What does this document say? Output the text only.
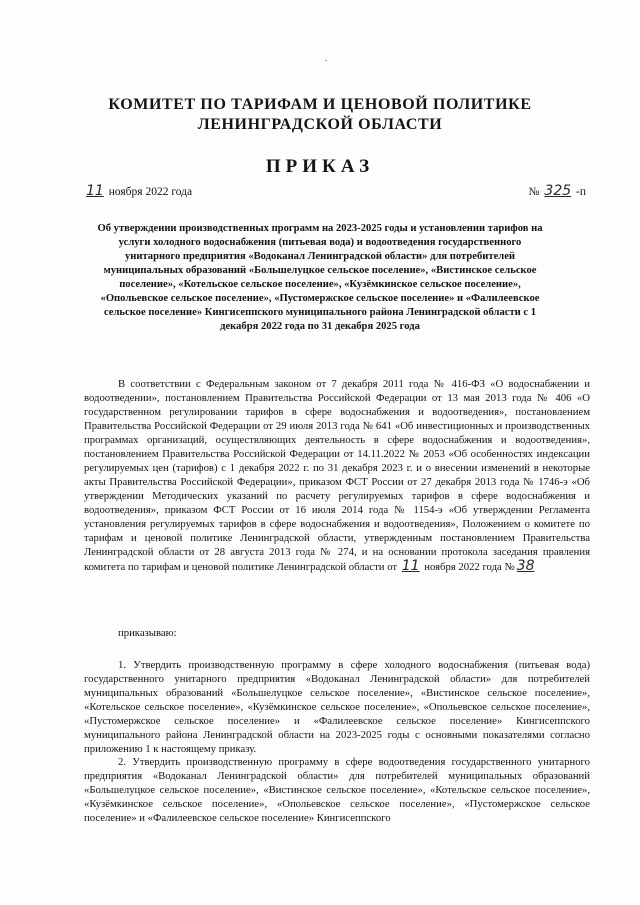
КОМИТЕТ ПО ТАРИФАМ И ЦЕНОВОЙ ПОЛИТИКЕ
ЛЕНИНГРАДСКОЙ ОБЛАСТИ
ПРИКАЗ
11 ноября 2022 года	№ 325 -п
Об утверждении производственных программ на 2023-2025 годы и установлении тарифов на услуги холодного водоснабжения (питьевая вода) и водоотведения государственного унитарного предприятия «Водоканал Ленинградской области» для потребителей муниципальных образований «Большелуцкое сельское поселение», «Вистинское сельское поселение», «Котельское сельское поселение», «Кузёмкинское сельское поселение», «Опольевское сельское поселение», «Пустомержское сельское поселение» и «Фалилеевское сельское поселение» Кингисеппского муниципального района Ленинградской области с 1 декабря 2022 года по 31 декабря 2025 года
В соответствии с Федеральным законом от 7 декабря 2011 года № 416-ФЗ «О водоснабжении и водоотведении», постановлением Правительства Российской Федерации от 13 мая 2013 года № 406 «О государственном регулировании тарифов в сфере водоснабжения и водоотведения», постановлением Правительства Российской Федерации от 29 июля 2013 года № 641 «Об инвестиционных и производственных программах организаций, осуществляющих деятельность в сфере водоснабжения и водоотведения», постановлением Правительства Российской Федерации от 14.11.2022 № 2053 «Об особенностях индексации регулируемых цен (тарифов) с 1 декабря 2022 г. по 31 декабря 2023 г. и о внесении изменений в некоторые акты Правительства Российской Федерации», приказом ФСТ России от 27 декабря 2013 года № 1746-э «Об утверждении Методических указаний по расчету регулируемых тарифов в сфере водоснабжения и водоотведения», приказом ФСТ России от 16 июля 2014 года № 1154-э «Об утверждении Регламента установления регулируемых тарифов в сфере водоснабжения и водоотведения», Положением о комитете по тарифам и ценовой политике Ленинградской области, утвержденным постановлением Правительства Ленинградской области от 28 августа 2013 года № 274, и на основании протокола заседания правления комитета по тарифам и ценовой политике Ленинградской области от 11 ноября 2022 года № 38
приказываю:
1. Утвердить производственную программу в сфере холодного водоснабжения (питьевая вода) государственного унитарного предприятия «Водоканал Ленинградской области» для потребителей муниципальных образований «Большелуцкое сельское поселение», «Вистинское сельское поселение», «Котельское сельское поселение», «Кузёмкинское сельское поселение», «Опольевское сельское поселение», «Пустомержское сельское поселение» и «Фалилеевское сельское поселение» Кингисеппского муниципального района Ленинградской области на 2023-2025 годы с основными показателями согласно приложению 1 к настоящему приказу.
2. Утвердить производственную программу в сфере водоотведения государственного унитарного предприятия «Водоканал Ленинградской области» для потребителей муниципальных образований «Большелуцкое сельское поселение», «Вистинское сельское поселение», «Котельское сельское поселение», «Кузёмкинское сельское поселение», «Опольевское сельское поселение», «Пустомержское сельское поселение» и «Фалилеевское сельское поселение» Кингисеппского
